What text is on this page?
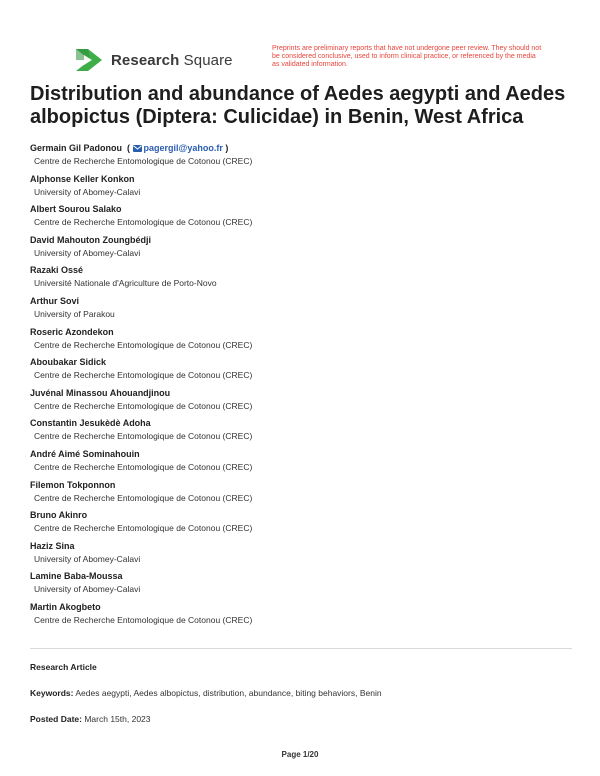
Research Square
Preprints are preliminary reports that have not undergone peer review. They should not be considered conclusive, used to inform clinical practice, or referenced by the media as validated information.
Distribution and abundance of Aedes aegypti and Aedes albopictus (Diptera: Culicidae) in Benin, West Africa
Germain Gil Padonou  ( pagergil@yahoo.fr )
Centre de Recherche Entomologique de Cotonou (CREC)
Alphonse Keller Konkon
University of Abomey-Calavi
Albert Sourou Salako
Centre de Recherche Entomologique de Cotonou (CREC)
David Mahouton Zoungbédji
University of Abomey-Calavi
Razaki Ossé
Université Nationale d'Agriculture de Porto-Novo
Arthur Sovi
University of Parakou
Roseric Azondekon
Centre de Recherche Entomologique de Cotonou (CREC)
Aboubakar Sidick
Centre de Recherche Entomologique de Cotonou (CREC)
Juvénal Minassou Ahouandjinou
Centre de Recherche Entomologique de Cotonou (CREC)
Constantin Jesukèdè Adoha
Centre de Recherche Entomologique de Cotonou (CREC)
André Aimé Sominahouin
Centre de Recherche Entomologique de Cotonou (CREC)
Filemon Tokponnon
Centre de Recherche Entomologique de Cotonou (CREC)
Bruno Akinro
Centre de Recherche Entomologique de Cotonou (CREC)
Haziz Sina
University of Abomey-Calavi
Lamine Baba-Moussa
University of Abomey-Calavi
Martin Akogbeto
Centre de Recherche Entomologique de Cotonou (CREC)
Research Article
Keywords: Aedes aegypti, Aedes albopictus, distribution, abundance, biting behaviors, Benin
Posted Date: March 15th, 2023
Page 1/20
